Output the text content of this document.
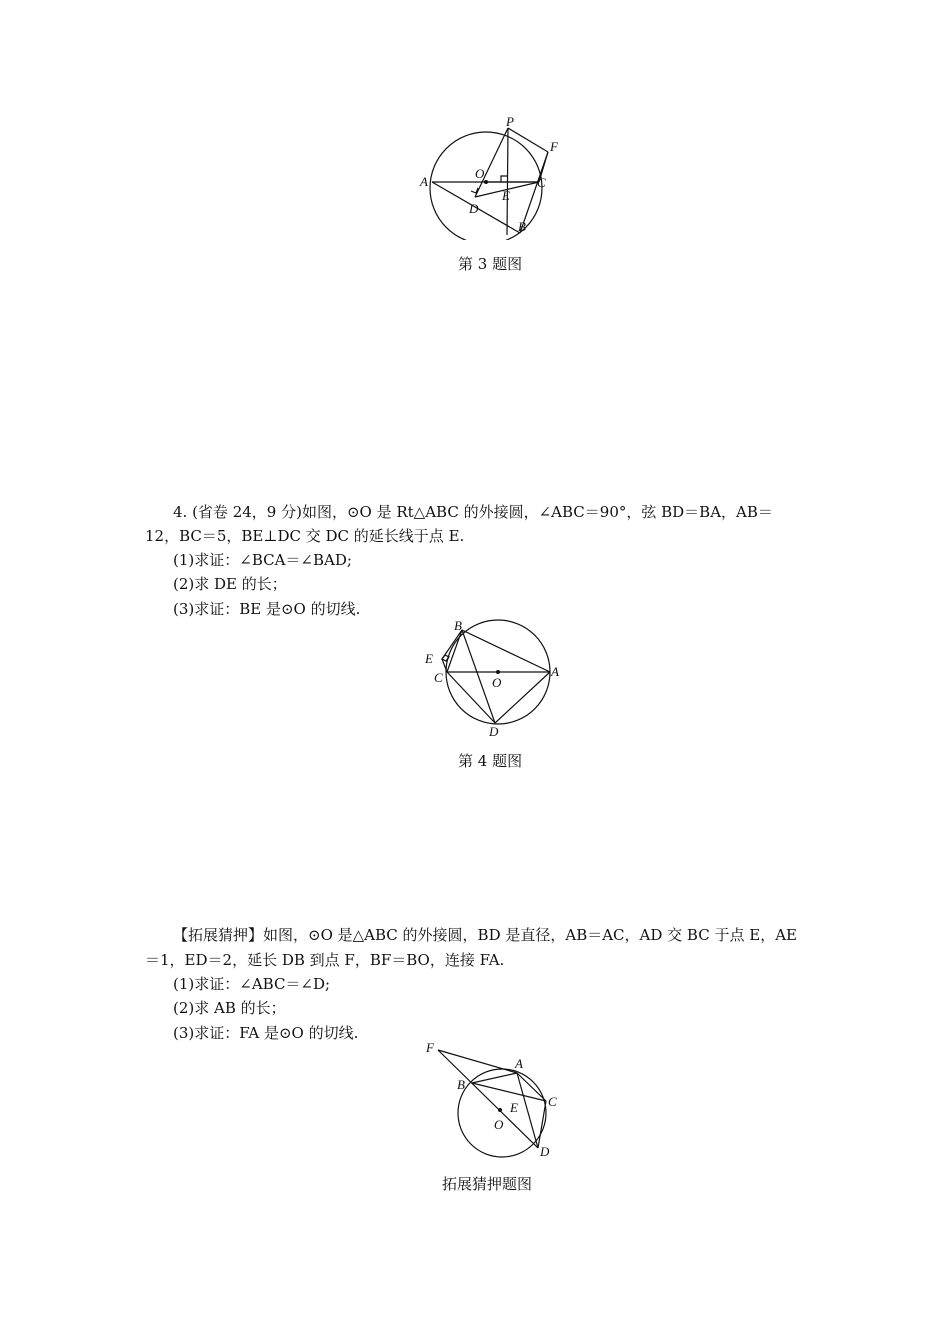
P
F
A
O
E
C
D
B
第 3 题图
4. (省卷 24，9 分)如图，⊙O 是 Rt△ABC 的外接圆，∠ABC＝90°，弦 BD＝BA，AB＝
12，BC＝5，BE⊥DC 交 DC 的延长线于点 E.
(1)求证：∠BCA＝∠BAD;
(2)求 DE 的长；
(3)求证：BE 是⊙O 的切线.
B
E
C	O
A
D
第 4 题图
【拓展猜押】如图，⊙O 是△ABC 的外接圆，BD 是直径，AB＝AC，AD 交 BC 于点 E，AE
＝1，ED＝2，延长 DB 到点 F，BF＝BO，连接 FA.
(1)求证：∠ABC＝∠D;
(2)求 AB 的长；
(3)求证：FA 是⊙O 的切线.
F
A
B
C
E
O
D
拓展猜押题图
